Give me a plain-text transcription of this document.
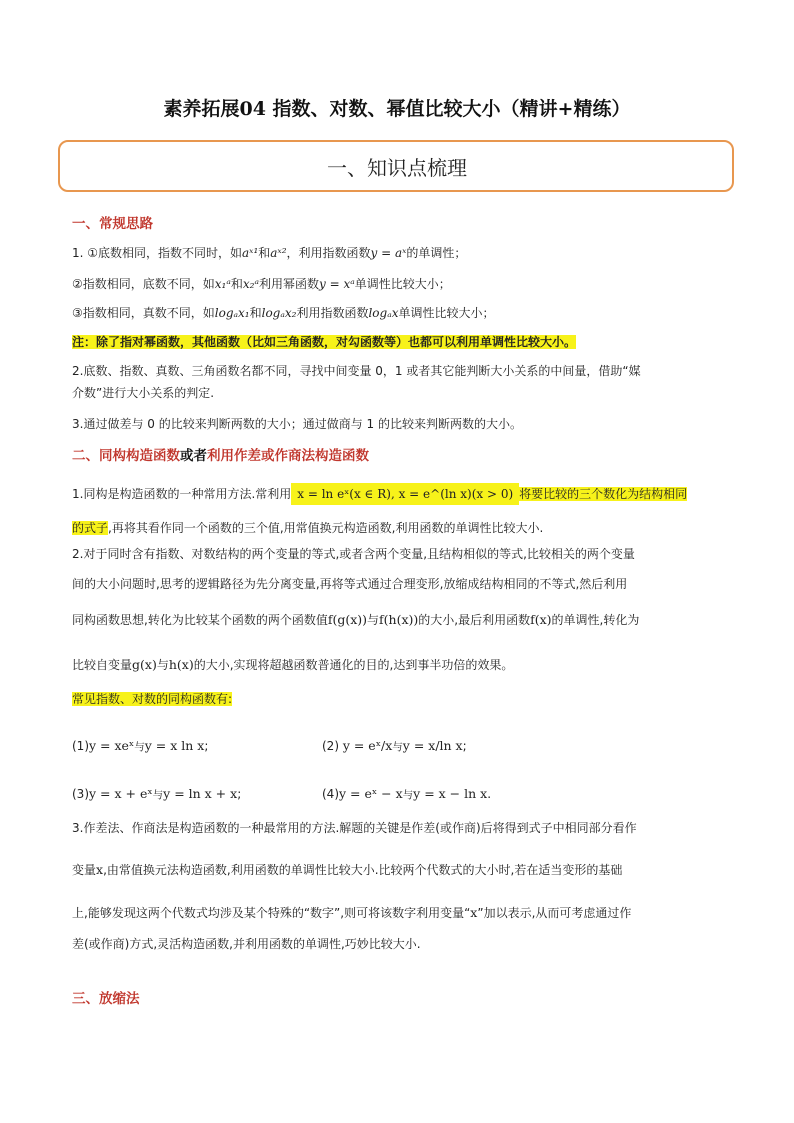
素养拓展04 指数、对数、幂值比较大小（精讲+精练）
一、知识点梳理
一、常规思路
1. ①底数相同，指数不同时，如aˣ¹和aˣ²，利用指数函数y = aˣ的单调性；
②指数相同，底数不同，如x₁ᵃ和x₂ᵃ利用幂函数y = xᵃ单调性比较大小；
③指数相同，真数不同，如logₐx₁和logₐx₂利用指数函数logₐx单调性比较大小；
注：除了指对幂函数，其他函数（比如三角函数，对勾函数等）也都可以利用单调性比较大小。
2.底数、指数、真数、三角函数名都不同，寻找中间变量 0，1 或者其它能判断大小关系的中间量，借助“媒
介数”进行大小关系的判定.
3.通过做差与 0 的比较来判断两数的大小；通过做商与 1 的比较来判断两数的大小。
二、同构构造函数或者利用作差或作商法构造函数
1.同构是构造函数的一种常用方法.常利用 x = ln eˣ(x ∈ R), x = e^(ln x)(x > 0) 将要比较的三个数化为结构相同
的式子,再将其看作同一个函数的三个值,用常值换元构造函数,利用函数的单调性比较大小.
2.对于同时含有指数、对数结构的两个变量的等式,或者含两个变量,且结构相似的等式,比较相关的两个变量
间的大小问题时,思考的逻辑路径为先分离变量,再将等式通过合理变形,放缩成结构相同的不等式,然后利用
同构函数思想,转化为比较某个函数的两个函数值f(g(x))与f(h(x))的大小,最后利用函数f(x)的单调性,转化为
比较自变量g(x)与h(x)的大小,实现将超越函数普通化的目的,达到事半功倍的效果。
常见指数、对数的同构函数有:
(1)y = xeˣ与y = x ln x;	(2) y = eˣ/x与y = x/ln x;
(3)y = x + eˣ与y = ln x + x;	(4)y = eˣ − x与y = x − ln x.
3.作差法、作商法是构造函数的一种最常用的方法.解题的关键是作差(或作商)后将得到式子中相同部分看作
变量x,由常值换元法构造函数,利用函数的单调性比较大小.比较两个代数式的大小时,若在适当变形的基础
上,能够发现这两个代数式均涉及某个特殊的“数字”,则可将该数字利用变量“x”加以表示,从而可考虑通过作
差(或作商)方式,灵活构造函数,并利用函数的单调性,巧妙比较大小.
三、放缩法
